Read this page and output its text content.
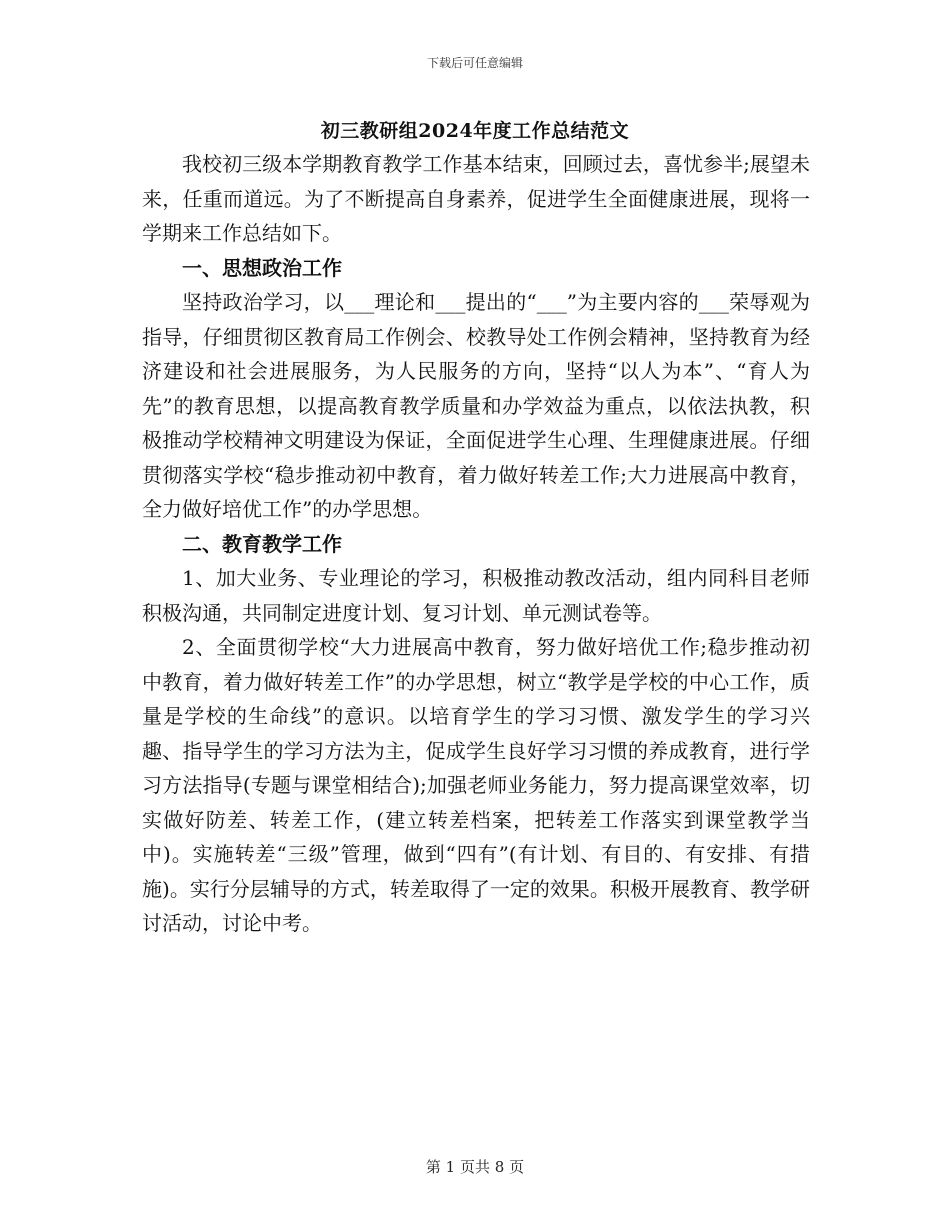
下载后可任意编辑
初三教研组2024年度工作总结范文

我校初三级本学期教育教学工作基本结束，回顾过去，喜忧参半;展望未来，任重而道远。为了不断提高自身素养，促进学生全面健康进展，现将一学期来工作总结如下。

一、思想政治工作

坚持政治学习，以___理论和___提出的“___”为主要内容的___荣辱观为指导，仔细贯彻区教育局工作例会、校教导处工作例会精神，坚持教育为经济建设和社会进展服务，为人民服务的方向，坚持“以人为本”、“育人为先”的教育思想，以提高教育教学质量和办学效益为重点，以依法执教，积极推动学校精神文明建设为保证，全面促进学生心理、生理健康进展。仔细贯彻落实学校“稳步推动初中教育，着力做好转差工作;大力进展高中教育，全力做好培优工作”的办学思想。

二、教育教学工作

1、加大业务、专业理论的学习，积极推动教改活动，组内同科目老师积极沟通，共同制定进度计划、复习计划、单元测试卷等。

2、全面贯彻学校“大力进展高中教育，努力做好培优工作;稳步推动初中教育，着力做好转差工作”的办学思想，树立“教学是学校的中心工作，质量是学校的生命线”的意识。以培育学生的学习习惯、激发学生的学习兴趣、指导学生的学习方法为主，促成学生良好学习习惯的养成教育，进行学习方法指导(专题与课堂相结合);加强老师业务能力，努力提高课堂效率，切实做好防差、转差工作，(建立转差档案，把转差工作落实到课堂教学当中)。实施转差“三级”管理，做到“四有”(有计划、有目的、有安排、有措施)。实行分层辅导的方式，转差取得了一定的效果。积极开展教育、教学研讨活动，讨论中考。

第 1 页共 8 页
